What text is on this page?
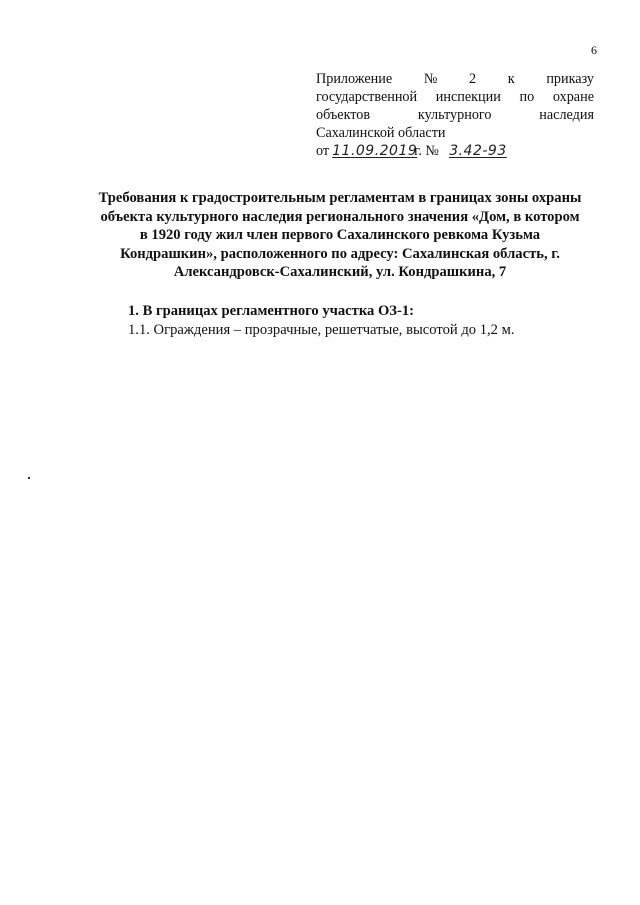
6
Приложение № 2 к приказу
государственной инспекции по охране
объектов	культурного	наследия
Сахалинской области
от 11.09.2019
г. № 3.42-93
Требования к градостроительным регламентам в границах зоны охраны
объекта культурного наследия регионального значения «Дом, в котором
в 1920 году жил член первого Сахалинского ревкома Кузьма
Кондрашкин», расположенного по адресу: Сахалинская область, г.
Александровск-Сахалинский, ул. Кондрашкина, 7
1. В границах регламентного участка ОЗ-1:
1.1. Ограждения – прозрачные, решетчатые, высотой до 1,2 м.
